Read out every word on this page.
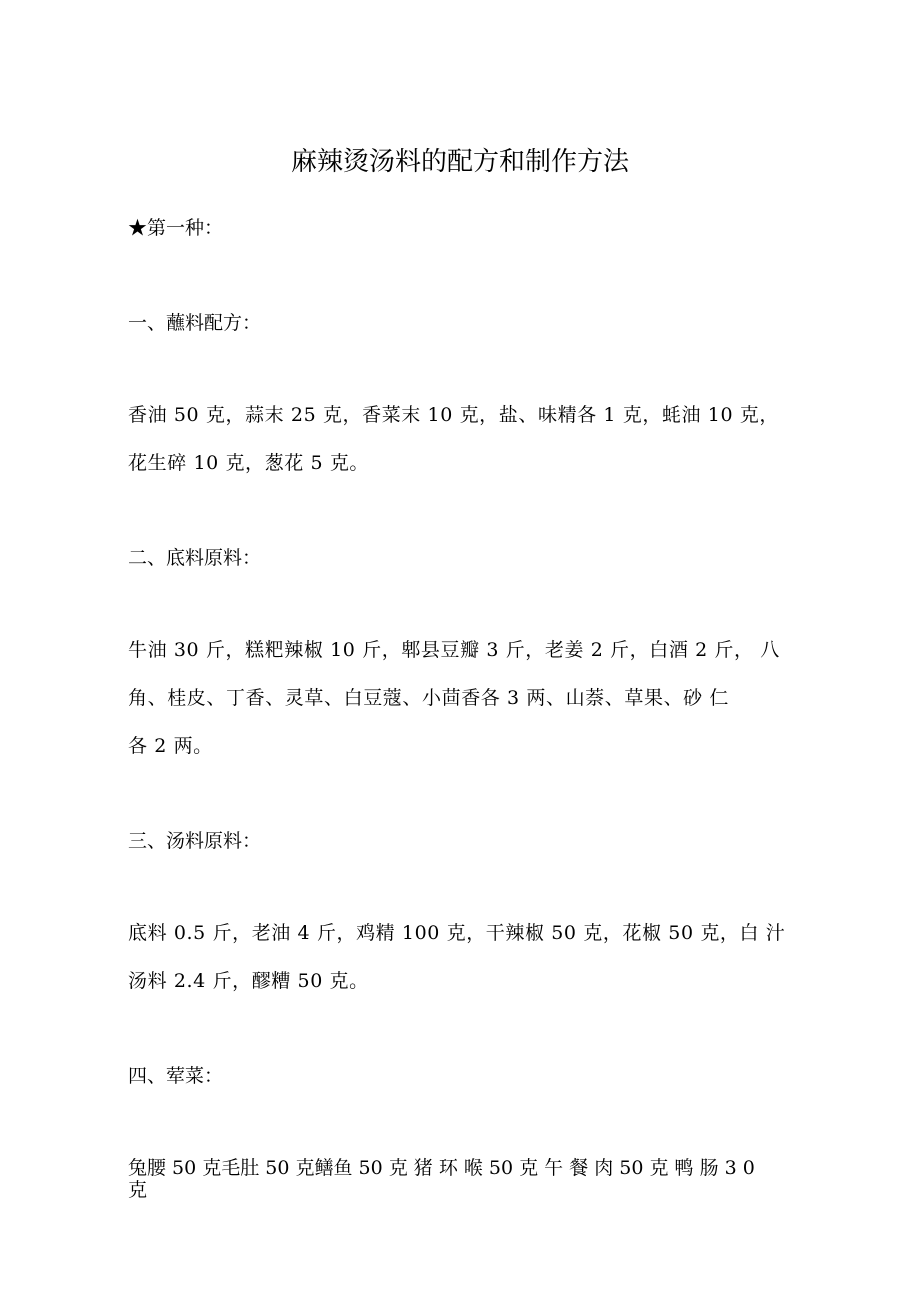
麻辣烫汤料的配方和制作方法
★第一种：
一、蘸料配方：
香油 50 克，蒜末 25 克，香菜末 10 克，盐、味精各 1 克，蚝油 10 克，
花生碎 10 克，葱花 5 克。
二、底料原料：
牛油 30 斤，糕粑辣椒 10 斤，郫县豆瓣 3 斤，老姜 2 斤，白酒 2 斤， 八
角、桂皮、丁香、灵草、白豆蔻、小茴香各 3 两、山萘、草果、砂 仁
各 2 两。
三、汤料原料：
底料 0.5 斤，老油 4 斤，鸡精 100 克，干辣椒 50 克，花椒 50 克，白 汁
汤料 2.4 斤，醪糟 50 克。
四、荤菜：
兔腰 50 克毛肚 50 克鳝鱼 50 克 猪 环 喉 50 克 午 餐 肉 50 克 鸭 肠 3 0
克
